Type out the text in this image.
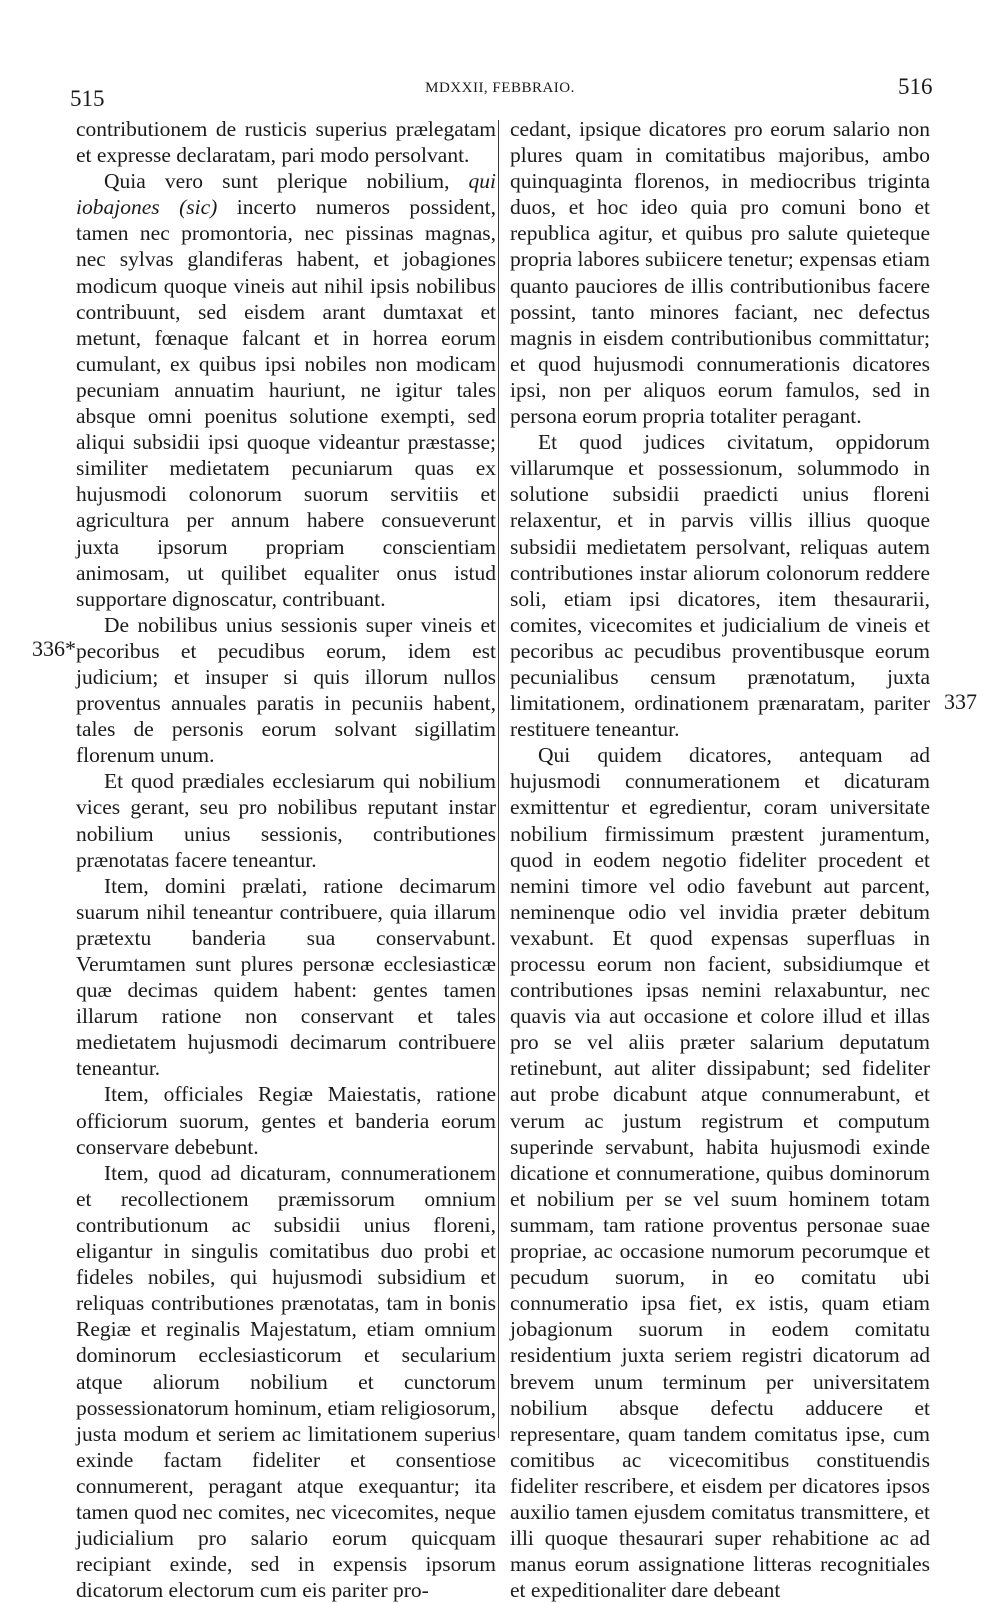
515	MDXXII, FEBBRAIO.	516
336*
337

contributionem de rusticis superius prælegatam et expresse declaratam, pari modo persolvant.

Quia vero sunt plerique nobilium, qui iobajones (sic) incerto numeros possident, tamen nec promontoria, nec pissinas magnas, nec sylvas glandiferas habent, et jobagiones modicum quoque vineis aut nihil ipsis nobilibus contribuunt, sed eisdem arant dumtaxat et metunt, fœnaque falcant et in horrea eorum cumulant, ex quibus ipsi nobiles non modicam pecuniam annuatim hauriunt, ne igitur tales absque omni poenitus solutione exempti, sed aliqui subsidii ipsi quoque videantur præstasse; similiter medietatem pecuniarum quas ex hujusmodi colonorum suorum servitiis et agricultura per annum habere consueverunt juxta ipsorum propriam conscientiam animosam, ut quilibet equaliter onus istud supportare dignoscatur, contribuant.

De nobilibus unius sessionis super vineis et pecoribus et pecudibus eorum, idem est judicium; et insuper si quis illorum nullos proventus annuales paratis in pecuniis habent, tales de personis eorum solvant sigillatim florenum unum.

Et quod prædiales ecclesiarum qui nobilium vices gerant, seu pro nobilibus reputant instar nobilium unius sessionis, contributiones prænotatas facere teneantur.

Item, domini prælati, ratione decimarum suarum nihil teneantur contribuere, quia illarum prætextu banderia sua conservabunt. Verumtamen sunt plures personæ ecclesiasticæ quæ decimas quidem habent: gentes tamen illarum ratione non conservant et tales medietatem hujusmodi decimarum contribuere teneantur.

Item, officiales Regiæ Maiestatis, ratione officiorum suorum, gentes et banderia eorum conservare debebunt.

Item, quod ad dicaturam, connumerationem et recollectionem præmissorum omnium contributionum ac subsidii unius floreni, eligantur in singulis comitatibus duo probi et fideles nobiles, qui hujusmodi subsidium et reliquas contributiones prænotatas, tam in bonis Regiæ et reginalis Majestatum, etiam omnium dominorum ecclesiasticorum et secularium atque aliorum nobilium et cunctorum possessionatorum hominum, etiam religiosorum, justa modum et seriem ac limitationem superius exinde factam fideliter et consentiose connumerent, peragant atque exequantur; ita tamen quod nec comites, nec vicecomites, neque judicialium pro salario eorum quicquam recipiant exinde, sed in expensis ipsorum dicatorum electorum cum eis pariter pro-

cedant, ipsique dicatores pro eorum salario non plures quam in comitatibus majoribus, ambo quinquaginta florenos, in mediocribus triginta duos, et hoc ideo quia pro comuni bono et republica agitur, et quibus pro salute quieteque propria labores subiicere tenetur; expensas etiam quanto pauciores de illis contributionibus facere possint, tanto minores faciant, nec defectus magnis in eisdem contributionibus committatur; et quod hujusmodi connumerationis dicatores ipsi, non per aliquos eorum famulos, sed in persona eorum propria totaliter peragant.

Et quod judices civitatum, oppidorum villarumque et possessionum, solummodo in solutione subsidii praedicti unius floreni relaxentur, et in parvis villis illius quoque subsidii medietatem persolvant, reliquas autem contributiones instar aliorum colonorum reddere soli, etiam ipsi dicatores, item thesaurarii, comites, vicecomites et judicialium de vineis et pecoribus ac pecudibus proventibusque eorum pecunialibus censum prænotatum, juxta limitationem, ordinationem prænaratam, pariter restituere teneantur.

Qui quidem dicatores, antequam ad hujusmodi connumerationem et dicaturam exmittentur et egredientur, coram universitate nobilium firmissimum præstent juramentum, quod in eodem negotio fideliter procedent et nemini timore vel odio favebunt aut parcent, neminenque odio vel invidia præter debitum vexabunt. Et quod expensas superfluas in processu eorum non facient, subsidiumque et contributiones ipsas nemini relaxabuntur, nec quavis via aut occasione et colore illud et illas pro se vel aliis præter salarium deputatum retinebunt, aut aliter dissipabunt; sed fideliter aut probe dicabunt atque connumerabunt, et verum ac justum registrum et computum superinde servabunt, habita hujusmodi exinde dicatione et connumeratione, quibus dominorum et nobilium per se vel suum hominem totam summam, tam ratione proventus personae suae propriae, ac occasione numorum pecorumque et pecudum suorum, in eo comitatu ubi connumeratio ipsa fiet, ex istis, quam etiam jobagionum suorum in eodem comitatu residentium juxta seriem registri dicatorum ad brevem unum terminum per universitatem nobilium absque defectu adducere et representare, quam tandem comitatus ipse, cum comitibus ac vicecomitibus constituendis fideliter rescribere, et eisdem per dicatores ipsos auxilio tamen ejusdem comitatus transmittere, et illi quoque thesaurari super rehabitione ac ad manus eorum assignatione litteras recognitiales et expeditionaliter dare debeant
